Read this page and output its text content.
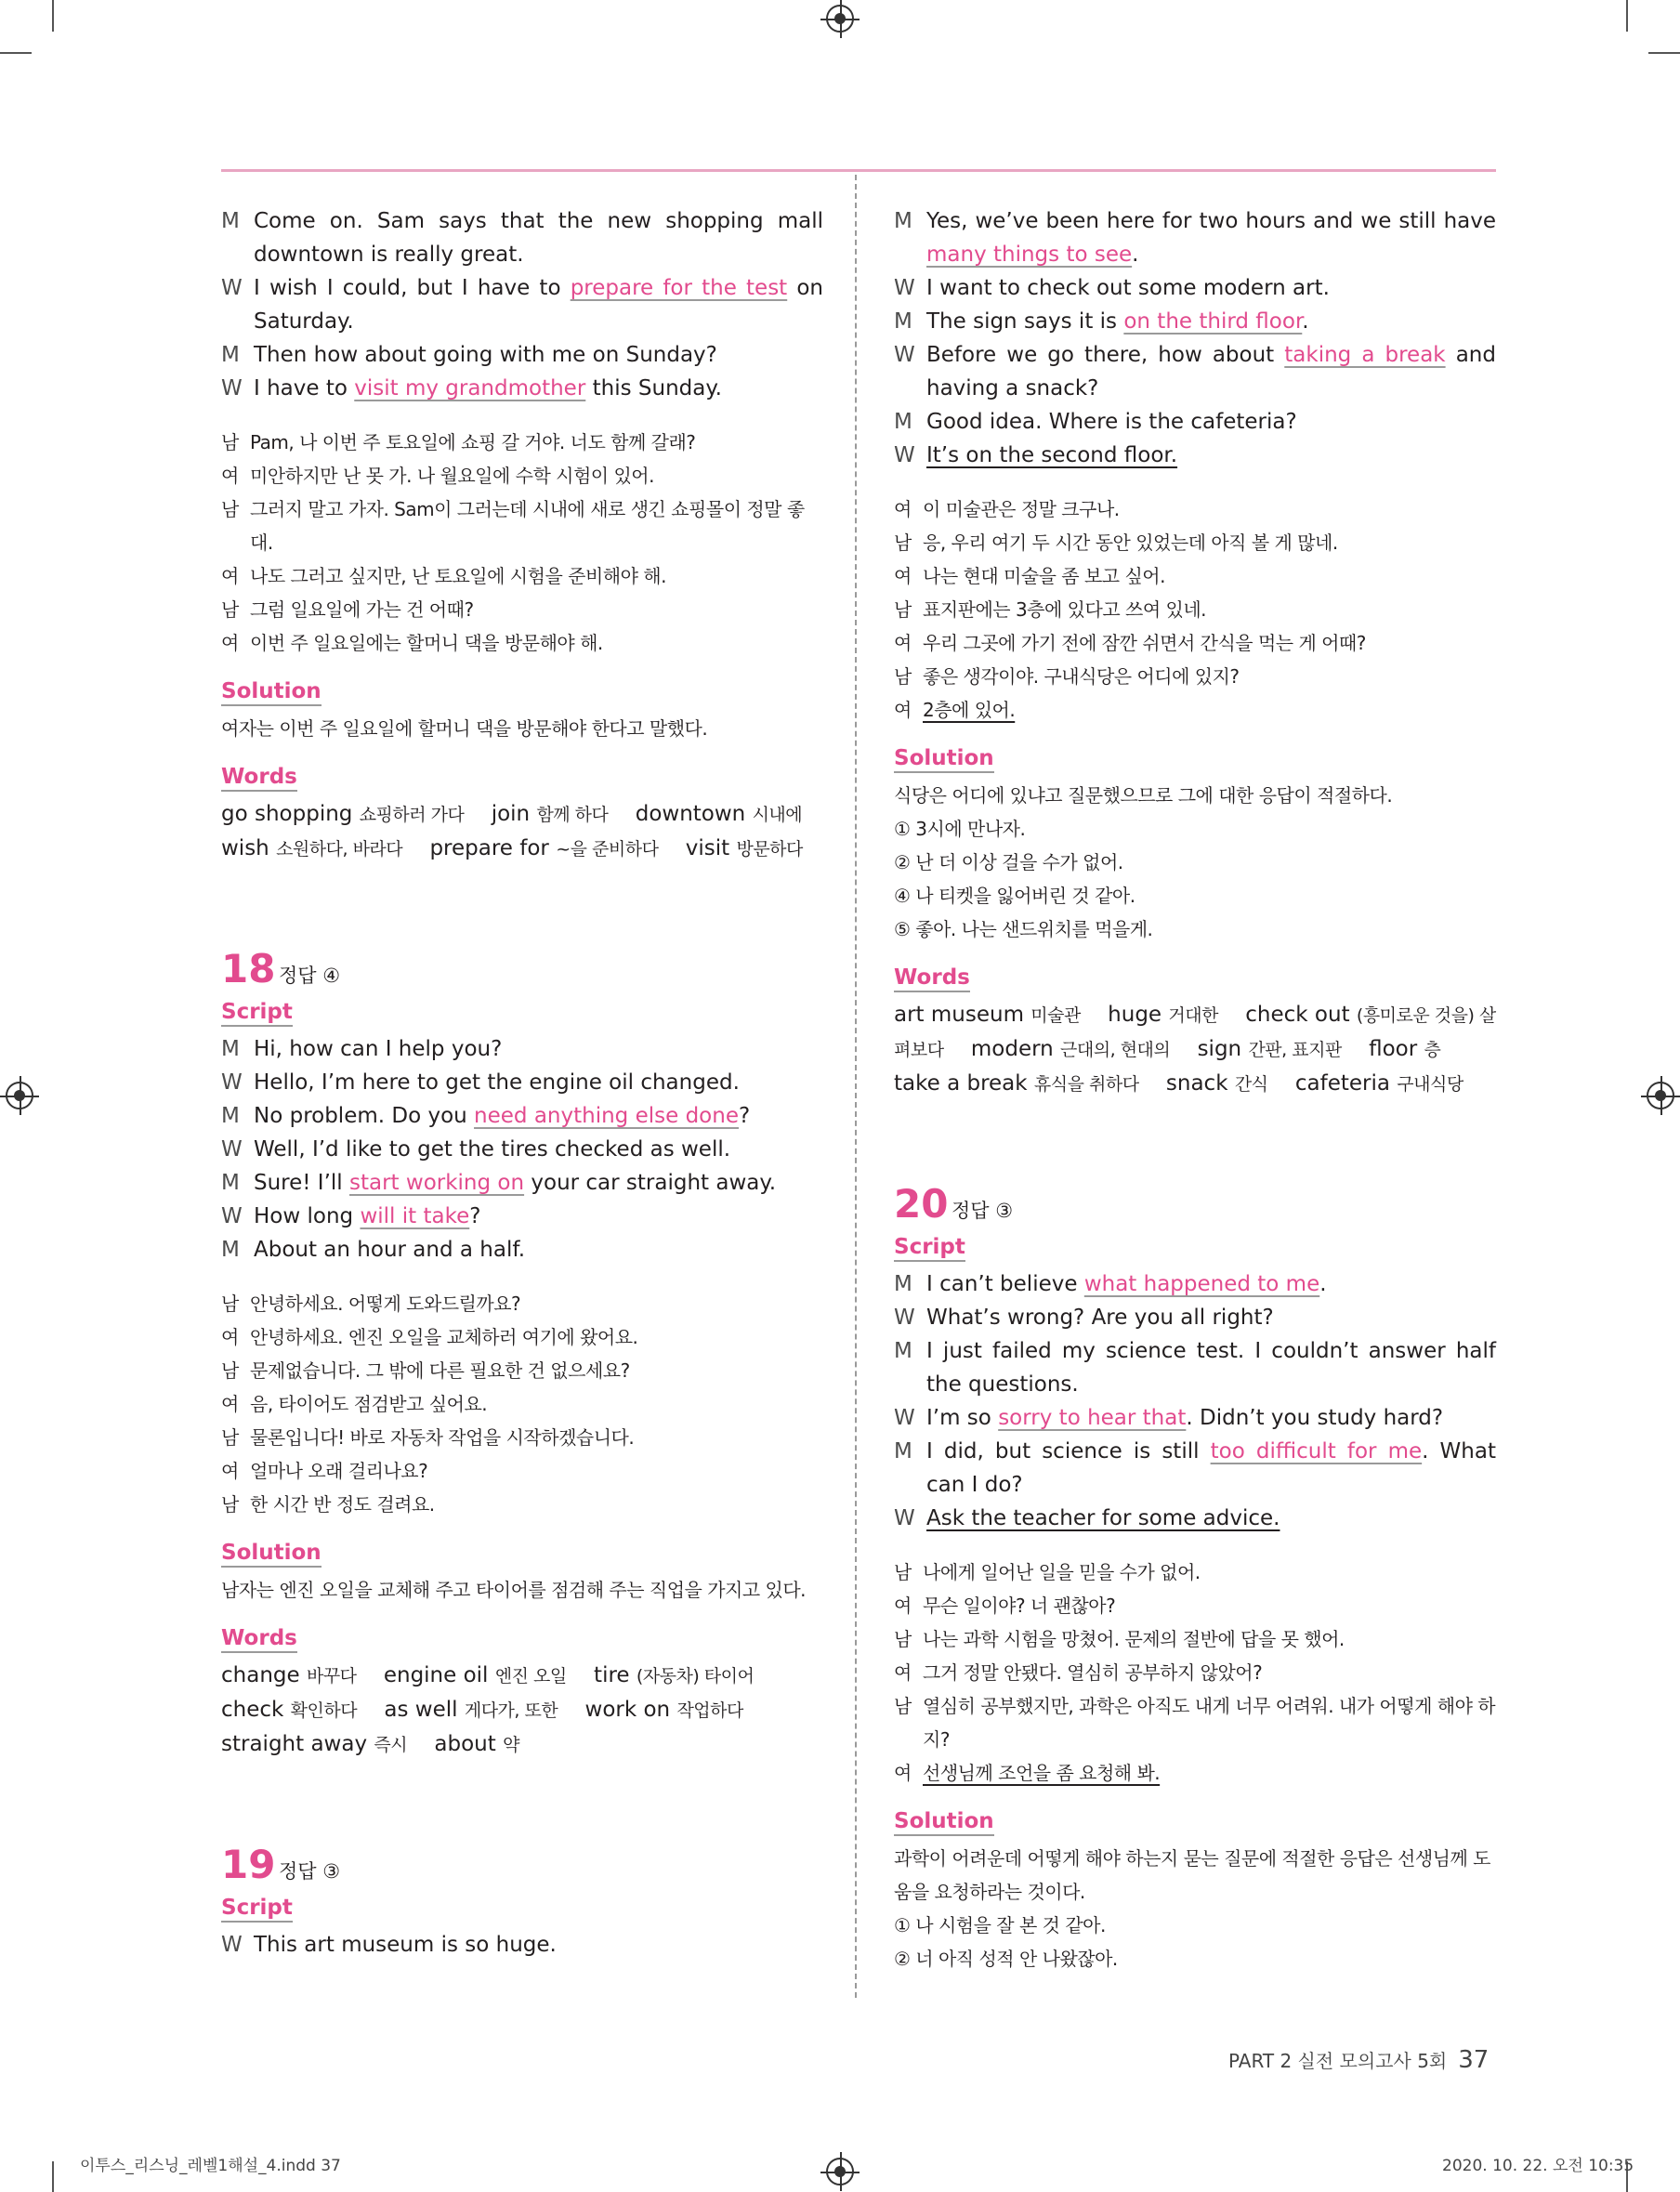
M Come on. Sam says that the new shopping mall downtown is really great.
W I wish I could, but I have to prepare for the test on Saturday.
M Then how about going with me on Sunday?
W I have to visit my grandmother this Sunday.
남 Pam, 나 이번 주 토요일에 쇼핑 갈 거야. 너도 함께 갈래?
여 미안하지만 난 못 가. 나 월요일에 수학 시험이 있어.
남 그러지 말고 가자. Sam이 그러는데 시내에 새로 생긴 쇼핑몰이 정말 좋대.
여 나도 그러고 싶지만, 난 토요일에 시험을 준비해야 해.
남 그럼 일요일에 가는 건 어때?
여 이번 주 일요일에는 할머니 댁을 방문해야 해.
Solution
여자는 이번 주 일요일에 할머니 댁을 방문해야 한다고 말했다.
Words
go shopping 쇼핑하러 가다 join 함께 하다 downtown 시내에 wish 소원하다, 바라다 prepare for ~을 준비하다 visit 방문하다
18 정답 ④
Script
M Hi, how can I help you?
W Hello, I’m here to get the engine oil changed.
M No problem. Do you need anything else done?
W Well, I’d like to get the tires checked as well.
M Sure! I’ll start working on your car straight away.
W How long will it take?
M About an hour and a half.
남 안녕하세요. 어떻게 도와드릴까요?
여 안녕하세요. 엔진 오일을 교체하러 여기에 왔어요.
남 문제없습니다. 그 밖에 다른 필요한 건 없으세요?
여 음, 타이어도 점검받고 싶어요.
남 물론입니다! 바로 자동차 작업을 시작하겠습니다.
여 얼마나 오래 걸리나요?
남 한 시간 반 정도 걸려요.
Solution
남자는 엔진 오일을 교체해 주고 타이어를 점검해 주는 직업을 가지고 있다.
Words
change 바꾸다 engine oil 엔진 오일 tire (자동차) 타이어 check 확인하다 as well 게다가, 또한 work on 작업하다 straight away 즉시 about 약
19 정답 ③
Script
W This art museum is so huge.
M Yes, we’ve been here for two hours and we still have many things to see.
W I want to check out some modern art.
M The sign says it is on the third floor.
W Before we go there, how about taking a break and having a snack?
M Good idea. Where is the cafeteria?
W It’s on the second floor.
여 이 미술관은 정말 크구나.
남 응, 우리 여기 두 시간 동안 있었는데 아직 볼 게 많네.
여 나는 현대 미술을 좀 보고 싶어.
남 표지판에는 3층에 있다고 쓰여 있네.
여 우리 그곳에 가기 전에 잠깐 쉬면서 간식을 먹는 게 어때?
남 좋은 생각이야. 구내식당은 어디에 있지?
여 2층에 있어.
Solution
식당은 어디에 있냐고 질문했으므로 그에 대한 응답이 적절하다.
① 3시에 만나자.
② 난 더 이상 걸을 수가 없어.
④ 나 티켓을 잃어버린 것 같아.
⑤ 좋아. 나는 샌드위치를 먹을게.
Words
art museum 미술관 huge 거대한 check out (흥미로운 것을) 살펴보다 modern 근대의, 현대의 sign 간판, 표지판 floor 층 take a break 휴식을 취하다 snack 간식 cafeteria 구내식당
20 정답 ③
Script
M I can’t believe what happened to me.
W What’s wrong? Are you all right?
M I just failed my science test. I couldn’t answer half the questions.
W I’m so sorry to hear that. Didn’t you study hard?
M I did, but science is still too difficult for me. What can I do?
W Ask the teacher for some advice.
남 나에게 일어난 일을 믿을 수가 없어.
여 무슨 일이야? 너 괜찮아?
남 나는 과학 시험을 망쳤어. 문제의 절반에 답을 못 했어.
여 그거 정말 안됐다. 열심히 공부하지 않았어?
남 열심히 공부했지만, 과학은 아직도 내게 너무 어려워. 내가 어떻게 해야 하지?
여 선생님께 조언을 좀 요청해 봐.
Solution
과학이 어려운데 어떻게 해야 하는지 묻는 질문에 적절한 응답은 선생님께 도움을 요청하라는 것이다.
① 나 시험을 잘 본 것 같아.
② 너 아직 성적 안 나왔잖아.
PART 2 실전 모의고사 5회 37
이투스_리스닝_레벨1해설_4.indd 37	2020. 10. 22. 오전 10:35
